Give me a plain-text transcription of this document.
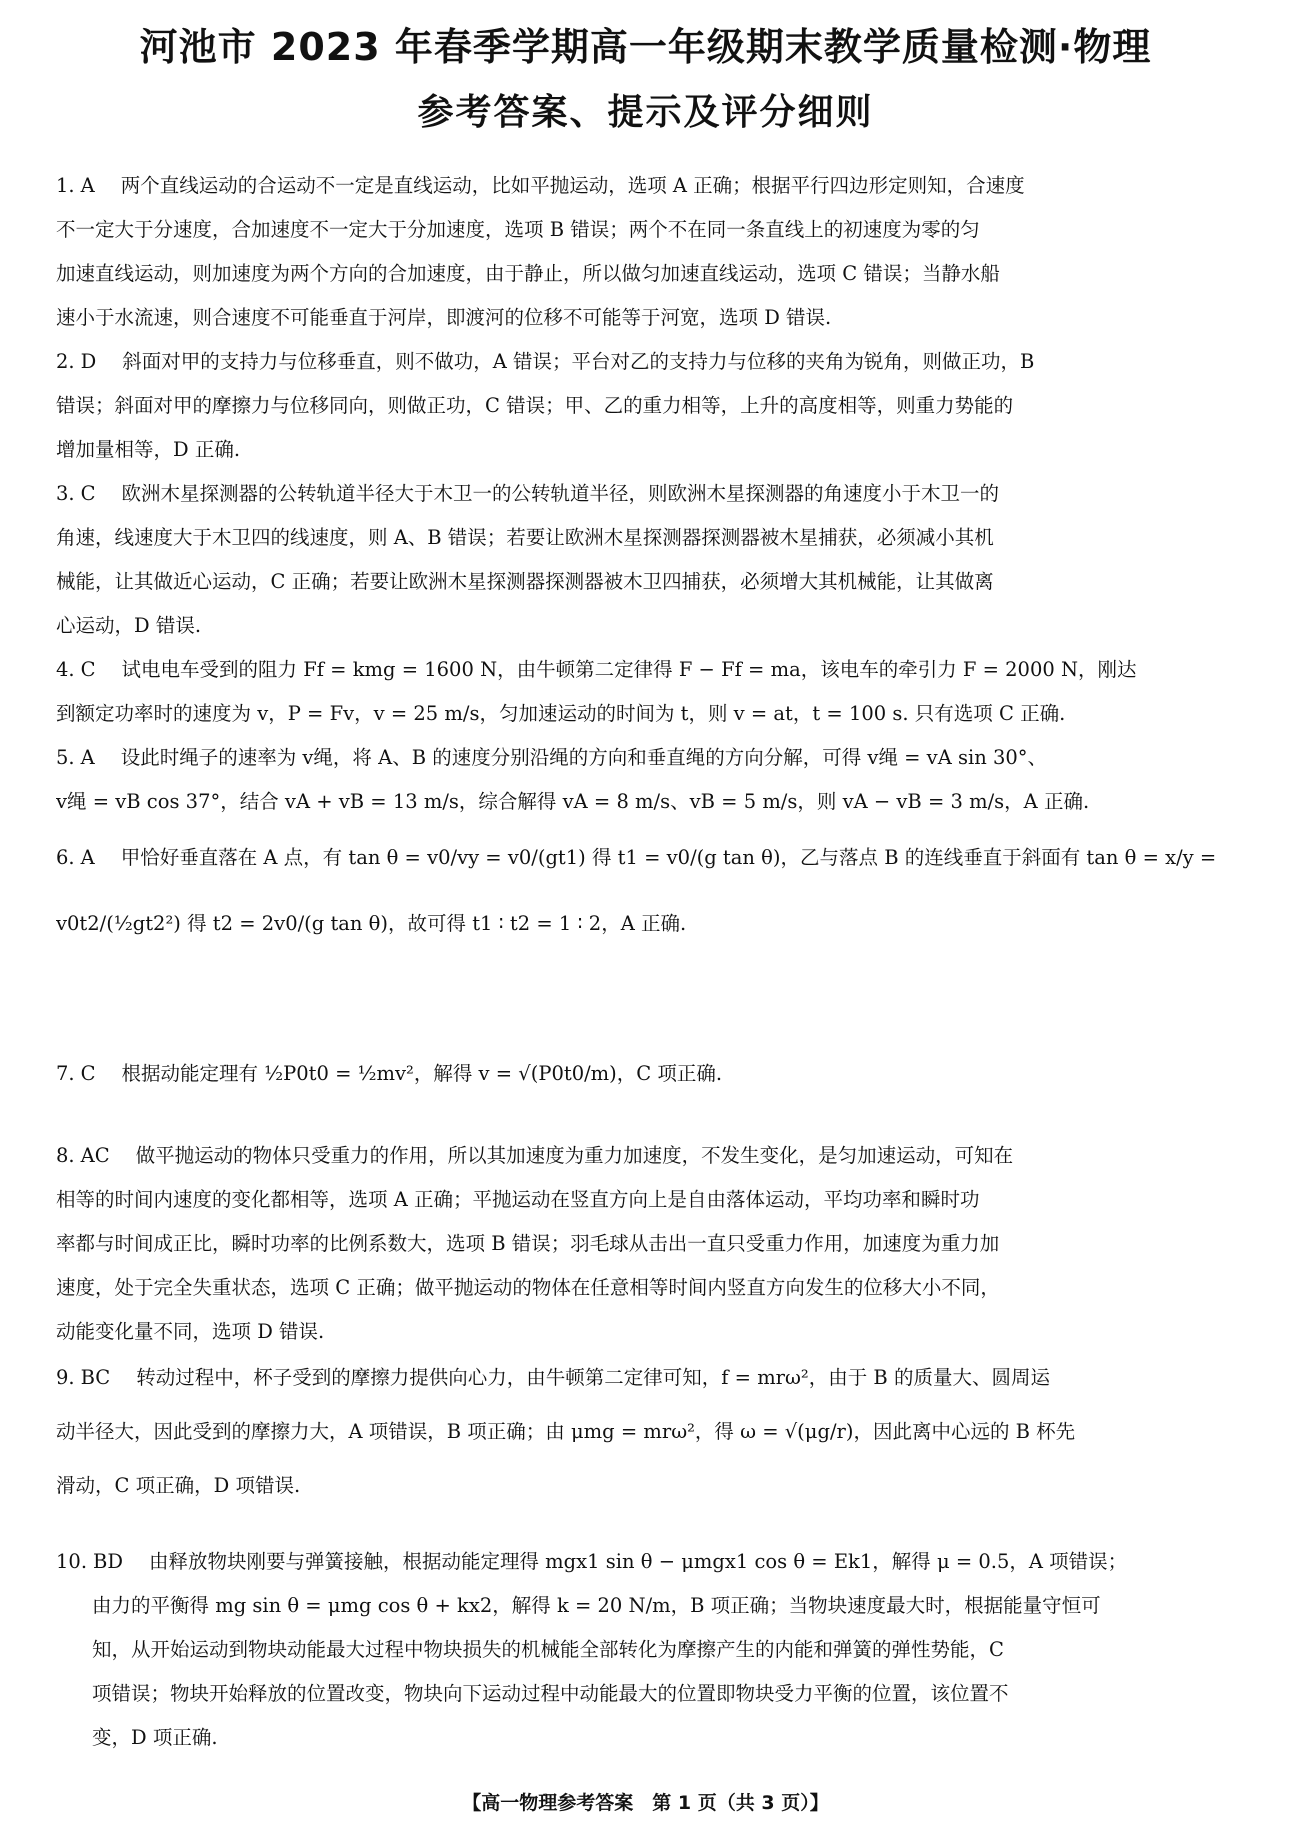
河池市 2023 年春季学期高一年级期末教学质量检测·物理
参考答案、提示及评分细则
1. A 两个直线运动的合运动不一定是直线运动，比如平抛运动，选项 A 正确；根据平行四边形定则知，合速度
不一定大于分速度，合加速度不一定大于分加速度，选项 B 错误；两个不在同一条直线上的初速度为零的匀
加速直线运动，则加速度为两个方向的合加速度，由于静止，所以做匀加速直线运动，选项 C 错误；当静水船
速小于水流速，则合速度不可能垂直于河岸，即渡河的位移不可能等于河宽，选项 D 错误.
2. D 斜面对甲的支持力与位移垂直，则不做功，A 错误；平台对乙的支持力与位移的夹角为锐角，则做正功，B
错误；斜面对甲的摩擦力与位移同向，则做正功，C 错误；甲、乙的重力相等，上升的高度相等，则重力势能的
增加量相等，D 正确.
3. C 欧洲木星探测器的公转轨道半径大于木卫一的公转轨道半径，则欧洲木星探测器的角速度小于木卫一的
角速，线速度大于木卫四的线速度，则 A、B 错误；若要让欧洲木星探测器探测器被木星捕获，必须减小其机
械能，让其做近心运动，C 正确；若要让欧洲木星探测器探测器被木卫四捕获，必须增大其机械能，让其做离
心运动，D 错误.
4. C 试电电车受到的阻力 Ff = kmg = 1600 N，由牛顿第二定律得 F − Ff = ma，该电车的牵引力 F = 2000 N，刚达
到额定功率时的速度为 v，P = Fv，v = 25 m/s，匀加速运动的时间为 t，则 v = at，t = 100 s. 只有选项 C 正确.
5. A 设此时绳子的速率为 v绳，将 A、B 的速度分别沿绳的方向和垂直绳的方向分解，可得 v绳 = vA sin 30°、
v绳 = vB cos 37°，结合 vA + vB = 13 m/s，综合解得 vA = 8 m/s、vB = 5 m/s，则 vA − vB = 3 m/s，A 正确.
6. A 甲恰好垂直落在 A 点，有 tan θ = v0/vy = v0/(gt1) 得 t1 = v0/(g tan θ)，乙与落点 B 的连线垂直于斜面有 tan θ = x/y =
v0t2/(½gt2²) 得 t2 = 2v0/(g tan θ)，故可得 t1 ∶ t2 = 1 ∶ 2，A 正确.
7. C 根据动能定理有 ½P0t0 = ½mv²，解得 v = √(P0t0/m)，C 项正确.
8. AC 做平抛运动的物体只受重力的作用，所以其加速度为重力加速度，不发生变化，是匀加速运动，可知在
相等的时间内速度的变化都相等，选项 A 正确；平抛运动在竖直方向上是自由落体运动，平均功率和瞬时功
率都与时间成正比，瞬时功率的比例系数大，选项 B 错误；羽毛球从击出一直只受重力作用，加速度为重力加
速度，处于完全失重状态，选项 C 正确；做平抛运动的物体在任意相等时间内竖直方向发生的位移大小不同，
动能变化量不同，选项 D 错误.
9. BC 转动过程中，杯子受到的摩擦力提供向心力，由牛顿第二定律可知，f = mrω²，由于 B 的质量大、圆周运
动半径大，因此受到的摩擦力大，A 项错误，B 项正确；由 μmg = mrω²，得 ω = √(μg/r)，因此离中心远的 B 杯先
滑动，C 项正确，D 项错误.
10. BD 由释放物块刚要与弹簧接触，根据动能定理得 mgx1 sin θ − μmgx1 cos θ = Ek1，解得 μ = 0.5，A 项错误；
由力的平衡得 mg sin θ = μmg cos θ + kx2，解得 k = 20 N/m，B 项正确；当物块速度最大时，根据能量守恒可
知，从开始运动到物块动能最大过程中物块损失的机械能全部转化为摩擦产生的内能和弹簧的弹性势能，C
项错误；物块开始释放的位置改变，物块向下运动过程中动能最大的位置即物块受力平衡的位置，该位置不
变，D 项正确.
【高一物理参考答案　第 1 页（共 3 页）】
